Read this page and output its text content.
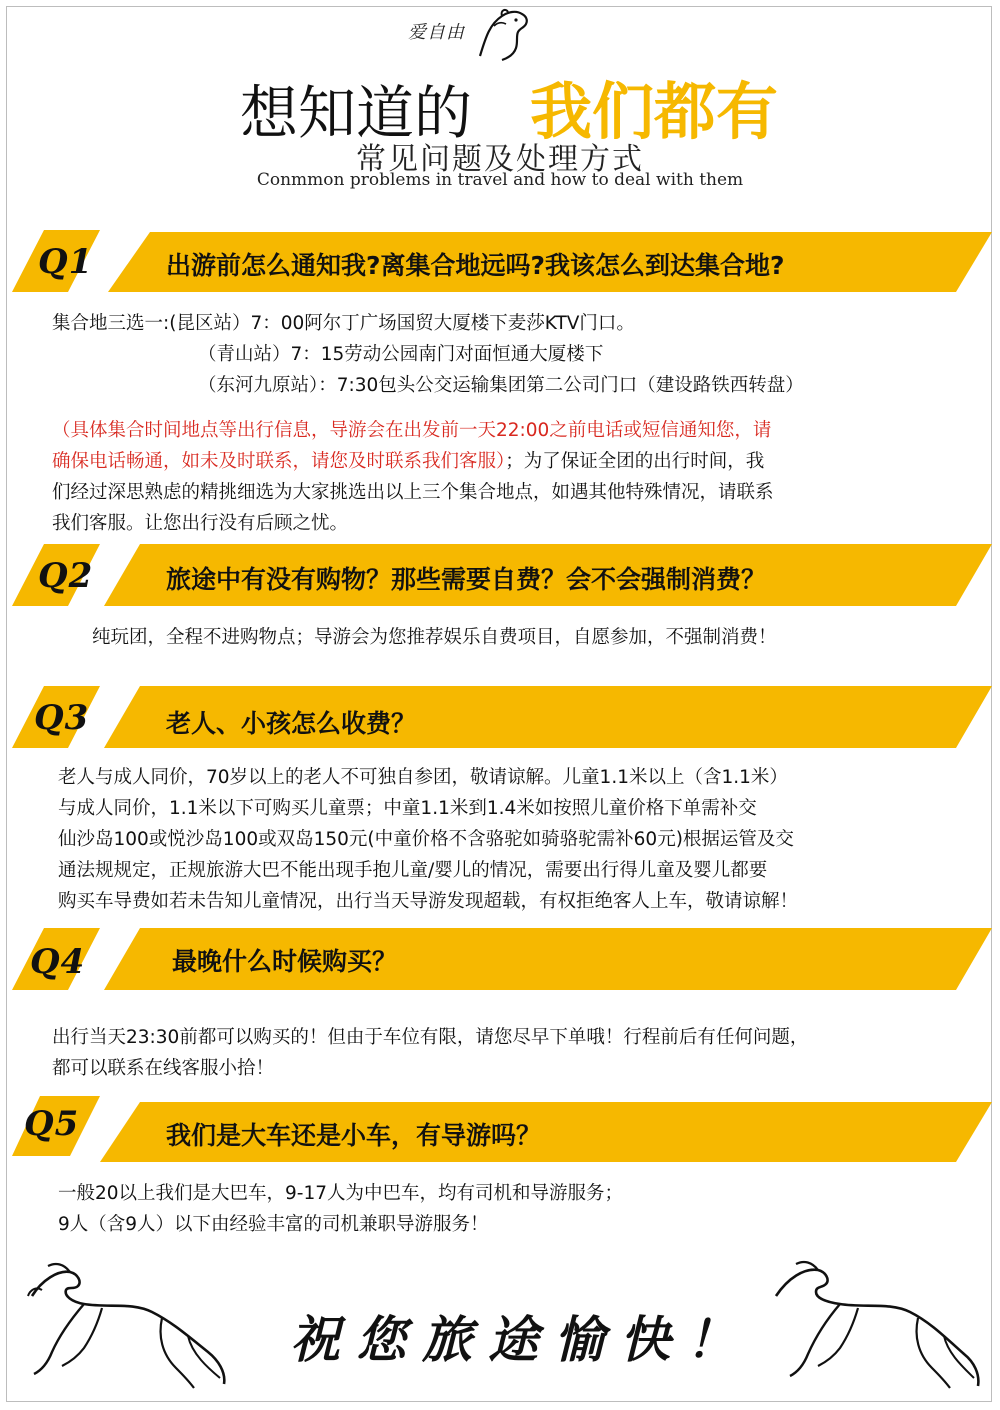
爱自由
想知道的 我们都有
常见问题及处理方式
Conmmon problems in travel and how to deal with them
Q1	出游前怎么通知我?离集合地远吗?我该怎么到达集合地?

集合地三选一:(昆区站）7：00阿尔丁广场国贸大厦楼下麦莎KTV门口。

（青山站）7：15劳动公园南门对面恒通大厦楼下

（东河九原站）：7:30包头公交运输集团第二公司门口（建设路铁西转盘）

（具体集合时间地点等出行信息，导游会在出发前一天22:00之前电话或短信通知您，请

确保电话畅通，如未及时联系，请您及时联系我们客服）；为了保证全团的出行时间，我

们经过深思熟虑的精挑细选为大家挑选出以上三个集合地点，如遇其他特殊情况，请联系

我们客服。让您出行没有后顾之忧。

Q2	旅途中有没有购物？那些需要自费？会不会强制消费？

纯玩团，全程不进购物点；导游会为您推荐娱乐自费项目，自愿参加，不强制消费！

Q3	老人、小孩怎么收费？

老人与成人同价，70岁以上的老人不可独自参团，敬请谅解。儿童1.1米以上（含1.1米）

与成人同价，1.1米以下可购买儿童票；中童1.1米到1.4米如按照儿童价格下单需补交

仙沙岛100或悦沙岛100或双岛150元(中童价格不含骆驼如骑骆驼需补60元)根据运管及交

通法规规定，正规旅游大巴不能出现手抱儿童/婴儿的情况，需要出行得儿童及婴儿都要

购买车导费如若未告知儿童情况，出行当天导游发现超载，有权拒绝客人上车，敬请谅解！

Q4	最晚什么时候购买？

出行当天23:30前都可以购买的！但由于车位有限，请您尽早下单哦！行程前后有任何问题，

都可以联系在线客服小拾！

Q5	我们是大车还是小车，有导游吗？

一般20以上我们是大巴车，9-17人为中巴车，均有司机和导游服务；

9人（含9人）以下由经验丰富的司机兼职导游服务！

祝您旅途愉快！
